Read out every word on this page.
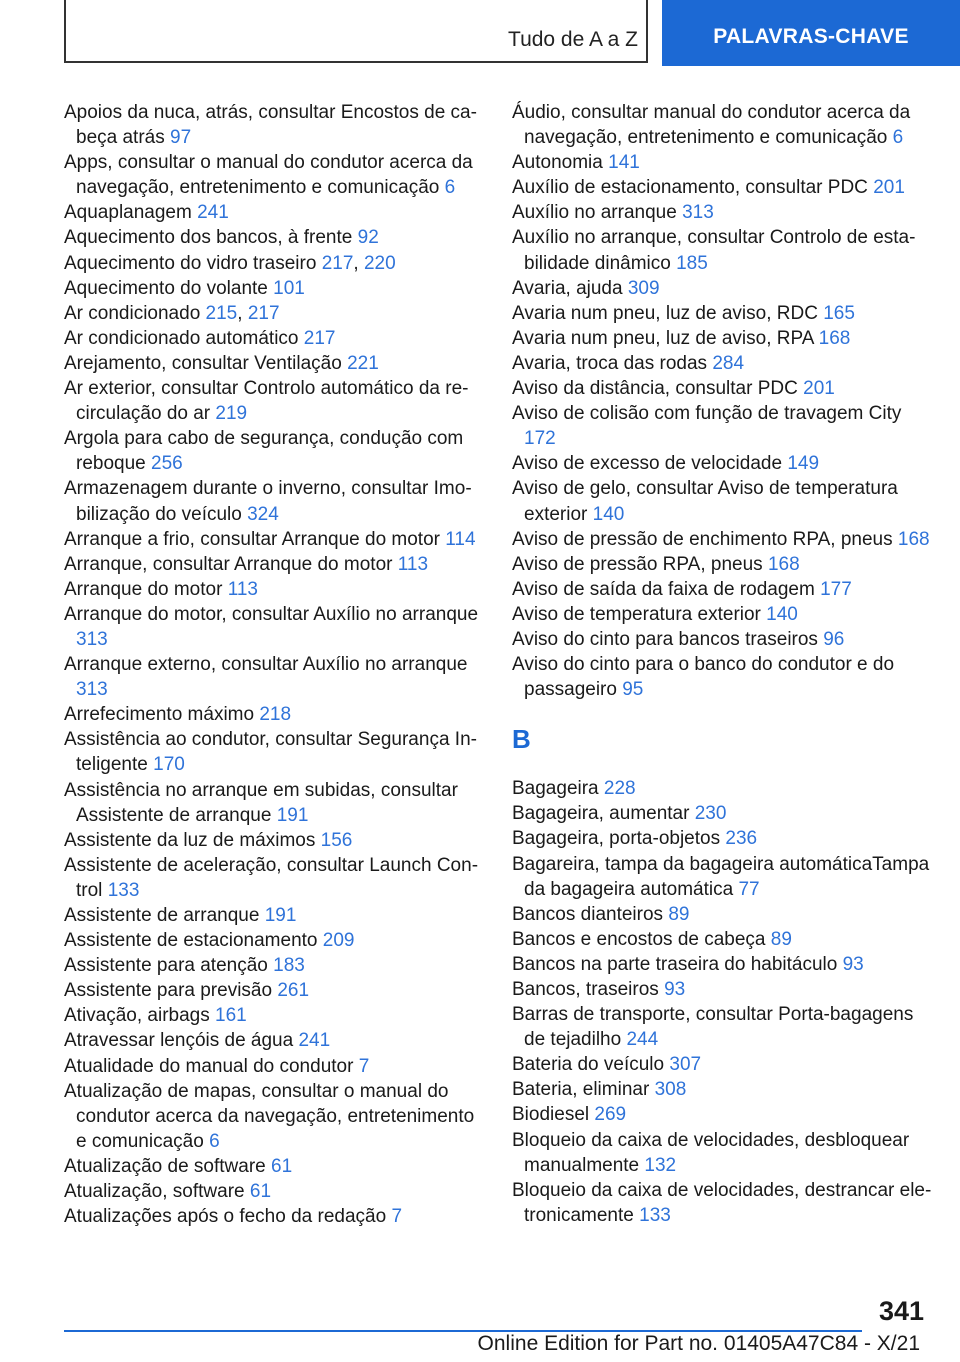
Tudo de A a Z	PALAVRAS-CHAVE

Apoios da nuca, atrás, consultar Encostos de cabeça atrás 97

Apps, consultar o manual do condutor acerca da navegação, entretenimento e comunicação 6

Aquaplanagem 241

Aquecimento dos bancos, à frente 92

Aquecimento do vidro traseiro 217, 220

Aquecimento do volante 101

Ar condicionado 215, 217

Ar condicionado automático 217

Arejamento, consultar Ventilação 221

Ar exterior, consultar Controlo automático da recirculação do ar 219

Argola para cabo de segurança, condução com reboque 256

Armazenagem durante o inverno, consultar Imobilização do veículo 324

Arranque a frio, consultar Arranque do motor 114

Arranque, consultar Arranque do motor 113

Arranque do motor 113

Arranque do motor, consultar Auxílio no arranque 313

Arranque externo, consultar Auxílio no arranque 313

Arrefecimento máximo 218

Assistência ao condutor, consultar Segurança Inteligente 170

Assistência no arranque em subidas, consultar Assistente de arranque 191

Assistente da luz de máximos 156

Assistente de aceleração, consultar Launch Control 133

Assistente de arranque 191

Assistente de estacionamento 209

Assistente para atenção 183

Assistente para previsão 261

Ativação, airbags 161

Atravessar lençóis de água 241

Atualidade do manual do condutor 7

Atualização de mapas, consultar o manual do condutor acerca da navegação, entretenimento e comunicação 6

Atualização de software 61

Atualização, software 61

Atualizações após o fecho da redação 7

Áudio, consultar manual do condutor acerca da navegação, entretenimento e comunicação 6

Autonomia 141

Auxílio de estacionamento, consultar PDC 201

Auxílio no arranque 313

Auxílio no arranque, consultar Controlo de estabilidade dinâmico 185

Avaria, ajuda 309

Avaria num pneu, luz de aviso, RDC 165

Avaria num pneu, luz de aviso, RPA 168

Avaria, troca das rodas 284

Aviso da distância, consultar PDC 201

Aviso de colisão com função de travagem City 172

Aviso de excesso de velocidade 149

Aviso de gelo, consultar Aviso de temperatura exterior 140

Aviso de pressão de enchimento RPA, pneus 168

Aviso de pressão RPA, pneus 168

Aviso de saída da faixa de rodagem 177

Aviso de temperatura exterior 140

Aviso do cinto para bancos traseiros 96

Aviso do cinto para o banco do condutor e do passageiro 95

B

Bagageira 228

Bagageira, aumentar 230

Bagageira, porta-objetos 236

Bagareira, tampa da bagageira automáticaTampa da bagageira automática 77

Bancos dianteiros 89

Bancos e encostos de cabeça 89

Bancos na parte traseira do habitáculo 93

Bancos, traseiros 93

Barras de transporte, consultar Porta-bagagens de tejadilho 244

Bateria do veículo 307

Bateria, eliminar 308

Biodiesel 269

Bloqueio da caixa de velocidades, desbloquear manualmente 132

Bloqueio da caixa de velocidades, destrancar eletronicamente 133

341
Online Edition for Part no. 01405A47C84 - X/21
